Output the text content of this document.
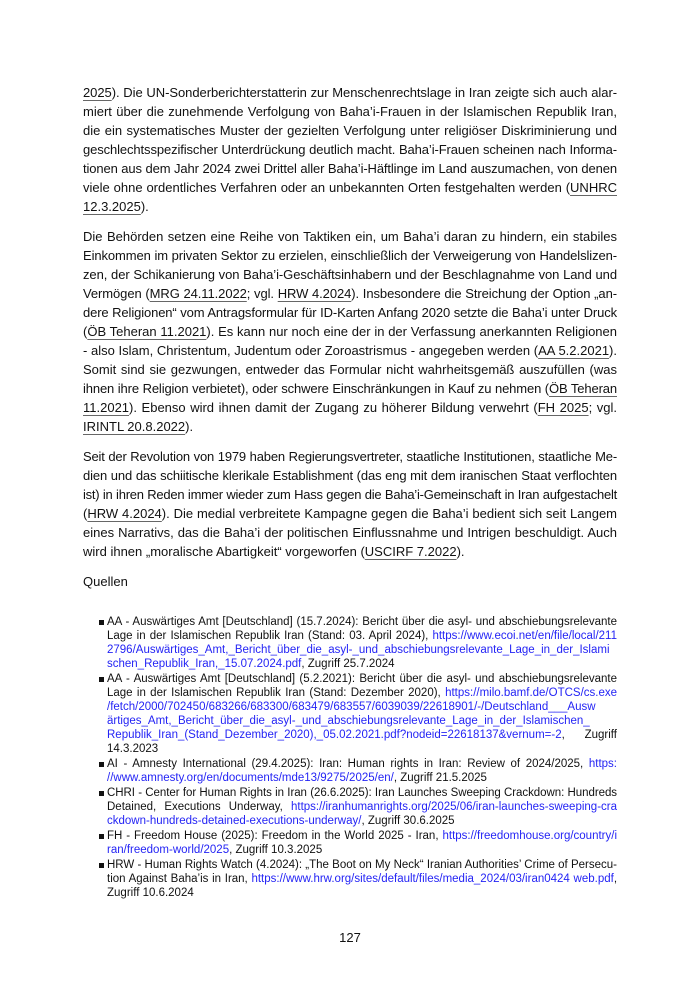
2025). Die UN-Sonderberichterstatterin zur Menschenrechtslage in Iran zeigte sich auch alar-
miert über die zunehmende Verfolgung von Baha’i-Frauen in der Islamischen Republik Iran,
die ein systematisches Muster der gezielten Verfolgung unter religiöser Diskriminierung und
geschlechtsspezifischer Unterdrückung deutlich macht. Baha’i-Frauen scheinen nach Informa-
tionen aus dem Jahr 2024 zwei Drittel aller Baha’i-Häftlinge im Land auszumachen, von denen
viele ohne ordentliches Verfahren oder an unbekannten Orten festgehalten werden (UNHRC
12.3.2025).
Die Behörden setzen eine Reihe von Taktiken ein, um Baha’i daran zu hindern, ein stabiles
Einkommen im privaten Sektor zu erzielen, einschließlich der Verweigerung von Handelslizen-
zen, der Schikanierung von Baha’i-Geschäftsinhabern und der Beschlagnahme von Land und
Vermögen (MRG 24.11.2022; vgl. HRW 4.2024). Insbesondere die Streichung der Option „an-
dere Religionen“ vom Antragsformular für ID-Karten Anfang 2020 setzte die Baha’i unter Druck
(ÖB Teheran 11.2021). Es kann nur noch eine der in der Verfassung anerkannten Religionen
- also Islam, Christentum, Judentum oder Zoroastrismus - angegeben werden (AA 5.2.2021).
Somit sind sie gezwungen, entweder das Formular nicht wahrheitsgemäß auszufüllen (was
ihnen ihre Religion verbietet), oder schwere Einschränkungen in Kauf zu nehmen (ÖB Teheran
11.2021). Ebenso wird ihnen damit der Zugang zu höherer Bildung verwehrt (FH 2025; vgl.
IRINTL 20.8.2022).
Seit der Revolution von 1979 haben Regierungsvertreter, staatliche Institutionen, staatliche Me-
dien und das schiitische klerikale Establishment (das eng mit dem iranischen Staat verflochten
ist) in ihren Reden immer wieder zum Hass gegen die Baha’i-Gemeinschaft in Iran aufgestachelt
(HRW 4.2024). Die medial verbreitete Kampagne gegen die Baha’i bedient sich seit Langem
eines Narrativs, das die Baha’i der politischen Einflussnahme und Intrigen beschuldigt. Auch
wird ihnen „moralische Abartigkeit“ vorgeworfen (USCIRF 7.2022).
Quellen
AA - Auswärtiges Amt [Deutschland] (15.7.2024): Bericht über die asyl- und abschiebungsrelevante
Lage in der Islamischen Republik Iran (Stand: 03. April 2024), https://www.ecoi.net/en/file/local/211
2796/Auswärtiges_Amt,_Bericht_über_die_asyl-_und_abschiebungsrelevante_Lage_in_der_Islami
schen_Republik_Iran,_15.07.2024.pdf, Zugriff 25.7.2024
AA - Auswärtiges Amt [Deutschland] (5.2.2021): Bericht über die asyl- und abschiebungsrelevante
Lage in der Islamischen Republik Iran (Stand: Dezember 2020), https://milo.bamf.de/OTCS/cs.exe
/fetch/2000/702450/683266/683300/683479/683557/6039039/22618901/-/Deutschland___Ausw
ärtiges_Amt,_Bericht_über_die_asyl-_und_abschiebungsrelevante_Lage_in_der_Islamischen_
Republik_Iran_(Stand_Dezember_2020),_05.02.2021.pdf?nodeid=22618137&vernum=-2, Zugriff
14.3.2023
AI - Amnesty International (29.4.2025): Iran: Human rights in Iran: Review of 2024/2025, https:
//www.amnesty.org/en/documents/mde13/9275/2025/en/, Zugriff 21.5.2025
CHRI - Center for Human Rights in Iran (26.6.2025): Iran Launches Sweeping Crackdown: Hundreds
Detained, Executions Underway, https://iranhumanrights.org/2025/06/iran-launches-sweeping-cra
ckdown-hundreds-detained-executions-underway/, Zugriff 30.6.2025
FH - Freedom House (2025): Freedom in the World 2025 - Iran, https://freedomhouse.org/country/i
ran/freedom-world/2025, Zugriff 10.3.2025
HRW - Human Rights Watch (4.2024): „The Boot on My Neck“ Iranian Authorities’ Crime of Persecu-
tion Against Baha’is in Iran, https://www.hrw.org/sites/default/files/media_2024/03/iran0424 web.pdf,
Zugriff 10.6.2024
127
